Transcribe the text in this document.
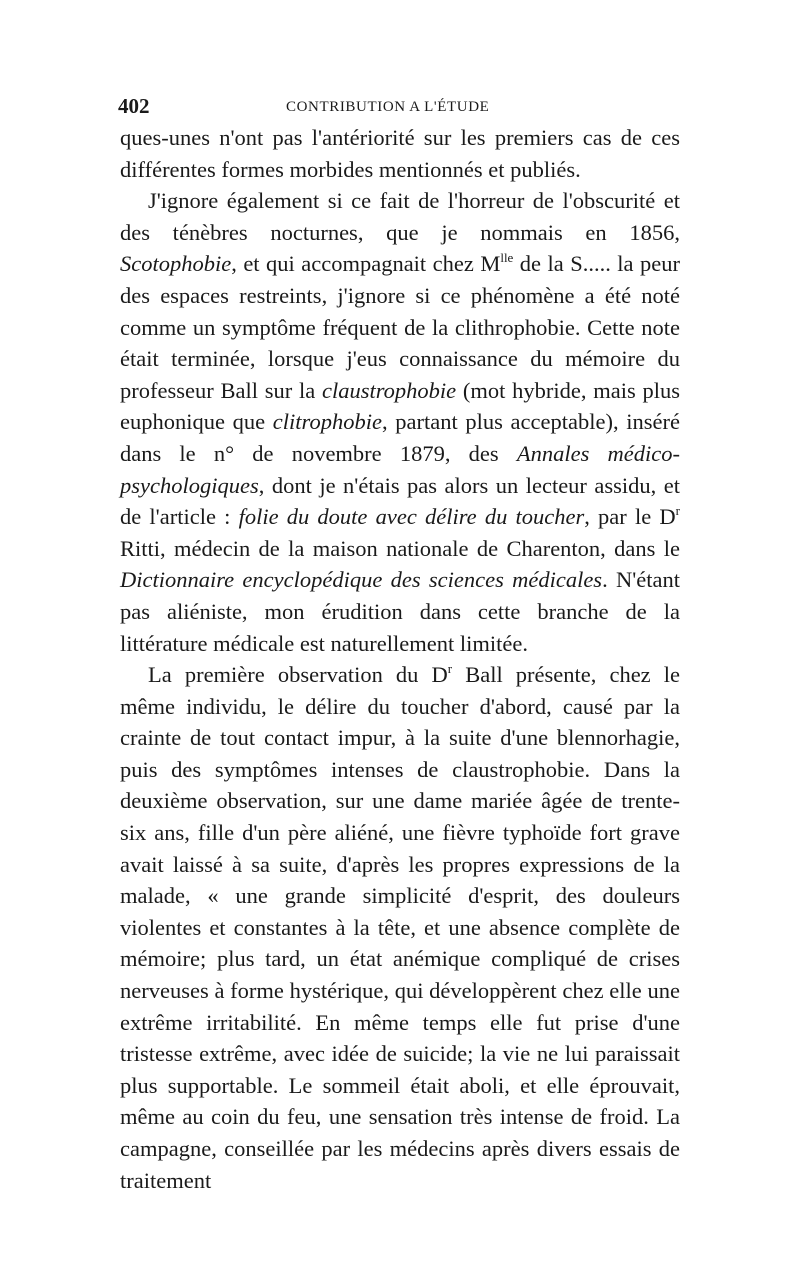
402	CONTRIBUTION A L'ÉTUDE

ques-unes n'ont pas l'antériorité sur les premiers cas de ces différentes formes morbides mentionnés et publiés.

J'ignore également si ce fait de l'horreur de l'obscurité et des ténèbres nocturnes, que je nommais en 1856, Scotophobie, et qui accompagnait chez $M^{lle}$ de la S..... la peur des espaces restreints, j'ignore si ce phénomène a été noté comme un symptôme fréquent de la clithrophobie. Cette note était terminée, lorsque j'eus connaissance du mémoire du professeur Ball sur la claustrophobie (mot hybride, mais plus euphonique que clitrophobie, partant plus acceptable), inséré dans le n° de novembre 1879, des Annales médico-psychologiques, dont je n'étais pas alors un lecteur assidu, et de l'article : folie du doute avec délire du toucher, par le $D^r$ Ritti, médecin de la maison nationale de Charenton, dans le Dictionnaire encyclopédique des sciences médicales. N'étant pas aliéniste, mon érudition dans cette branche de la littérature médicale est naturellement limitée.

La première observation du $D^r$ Ball présente, chez le même individu, le délire du toucher d'abord, causé par la crainte de tout contact impur, à la suite d'une blennorhagie, puis des symptômes intenses de claustrophobie. Dans la deuxième observation, sur une dame mariée âgée de trente-six ans, fille d'un père aliéné, une fièvre typhoïde fort grave avait laissé à sa suite, d'après les propres expressions de la malade, « une grande simplicité d'esprit, des douleurs violentes et constantes à la tête, et une absence complète de mémoire; plus tard, un état anémique compliqué de crises nerveuses à forme hystérique, qui développèrent chez elle une extrême irritabilité. En même temps elle fut prise d'une tristesse extrême, avec idée de suicide; la vie ne lui paraissait plus supportable. Le sommeil était aboli, et elle éprouvait, même au coin du feu, une sensation très intense de froid. La campagne, conseillée par les médecins après divers essais de traitement
